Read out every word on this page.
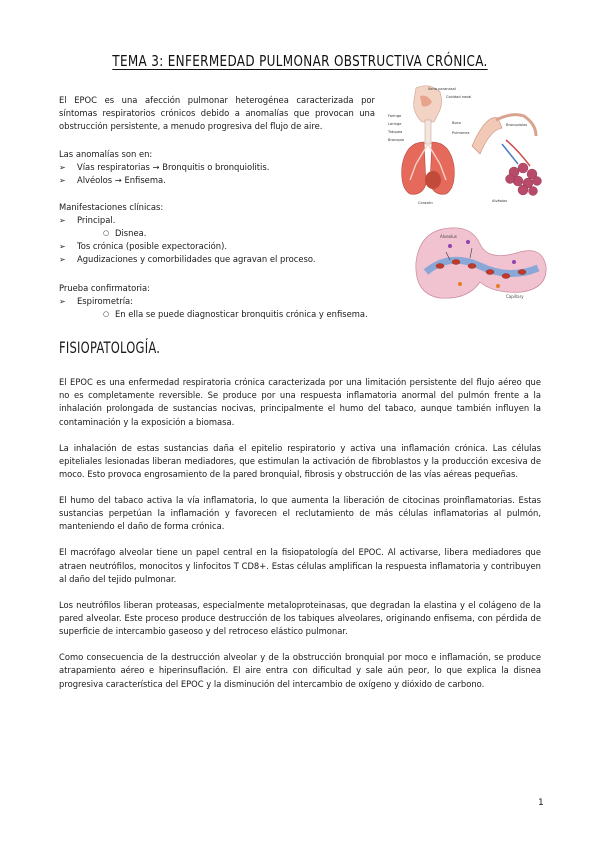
TEMA 3: ENFERMEDAD PULMONAR OBSTRUCTIVA CRÓNICA.
El EPOC es una afección pulmonar heterogénea caracterizada por síntomas respiratorios crónicos debido a anomalías que provocan una obstrucción persistente, a menudo progresiva del flujo de aire.
Las anomalías son en:
➢ Vías respiratorias → Bronquitis o bronquiolitis.
➢ Alvéolos → Enfisema.
Manifestaciones clínicas:
➢ Principal.
○ Disnea.
➢ Tos crónica (posible expectoración).
➢ Agudizaciones y comorbilidades que agravan el proceso.
Prueba confirmatoria:
➢ Espirometría:
○ En ella se puede diagnosticar bronquitis crónica y enfisema.
Seno paranasal
Cavidad nasal
Faringe
Laringe
Tráquea
Bronquio
Boca
Pulmones
Corazón
Bronquiolos
Alvéolos
Alveolus
Capillary
FISIOPATOLOGÍA.

El EPOC es una enfermedad respiratoria crónica caracterizada por una limitación persistente del flujo aéreo que no es completamente reversible. Se produce por una respuesta inflamatoria anormal del pulmón frente a la inhalación prolongada de sustancias nocivas, principalmente el humo del tabaco, aunque también influyen la contaminación y la exposición a biomasa.

La inhalación de estas sustancias daña el epitelio respiratorio y activa una inflamación crónica. Las células epiteliales lesionadas liberan mediadores, que estimulan la activación de fibroblastos y la producción excesiva de moco. Esto provoca engrosamiento de la pared bronquial, fibrosis y obstrucción de las vías aéreas pequeñas.

El humo del tabaco activa la vía inflamatoria, lo que aumenta la liberación de citocinas proinflamatorias. Estas sustancias perpetúan la inflamación y favorecen el reclutamiento de más células inflamatorias al pulmón, manteniendo el daño de forma crónica.

El macrófago alveolar tiene un papel central en la fisiopatología del EPOC. Al activarse, libera mediadores que atraen neutrófilos, monocitos y linfocitos T CD8+. Estas células amplifican la respuesta inflamatoria y contribuyen al daño del tejido pulmonar.

Los neutrófilos liberan proteasas, especialmente metaloproteinasas, que degradan la elastina y el colágeno de la pared alveolar. Este proceso produce destrucción de los tabiques alveolares, originando enfisema, con pérdida de superficie de intercambio gaseoso y del retroceso elástico pulmonar.

Como consecuencia de la destrucción alveolar y de la obstrucción bronquial por moco e inflamación, se produce atrapamiento aéreo e hiperinsuflación. El aire entra con dificultad y sale aún peor, lo que explica la disnea progresiva característica del EPOC y la disminución del intercambio de oxígeno y dióxido de carbono.

1
